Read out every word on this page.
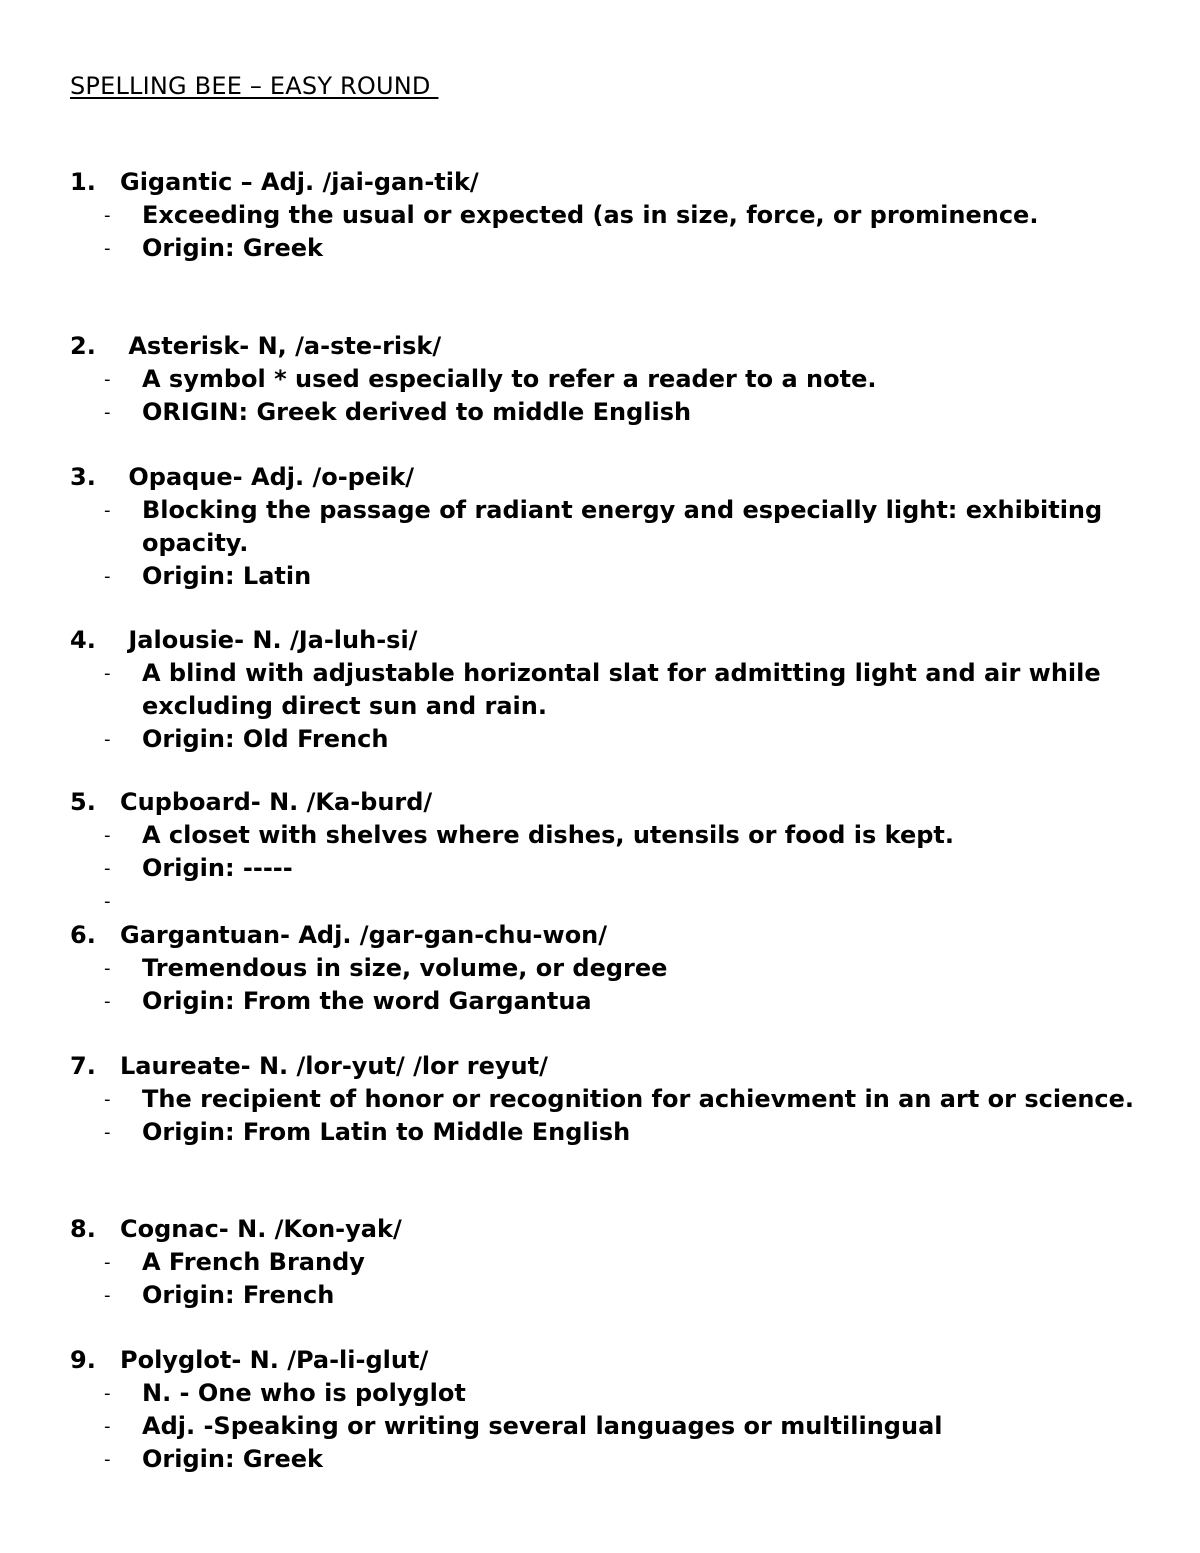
SPELLING BEE – EASY ROUND
1.	Gigantic – Adj. /jai-gan-tik/
- Exceeding the usual or expected (as in size, force, or prominence.
- Origin: Greek
2.	Asterisk- N, /a-ste-risk/
- A symbol * used especially to refer a reader to a note.
- ORIGIN: Greek derived to middle English
3.	Opaque- Adj. /o-peik/
- Blocking the passage of radiant energy and especially light: exhibiting opacity.
- Origin: Latin
4.	Jalousie- N. /Ja-luh-si/
- A blind with adjustable horizontal slat for admitting light and air while excluding direct sun and rain.
- Origin: Old French
5.	Cupboard- N. /Ka-burd/
- A closet with shelves where dishes, utensils or food is kept.
- Origin: -----
-

6.	Gargantuan- Adj. /gar-gan-chu-won/
- Tremendous in size, volume, or degree
- Origin: From the word Gargantua
7.	Laureate- N. /lor-yut/ /lor reyut/
- The recipient of honor or recognition for achievment in an art or science.
- Origin: From Latin to Middle English
8.	Cognac- N. /Kon-yak/
- A French Brandy
- Origin: French
9.	Polyglot- N. /Pa-li-glut/
- N. - One who is polyglot
- Adj. -Speaking or writing several languages or multilingual
- Origin: Greek
